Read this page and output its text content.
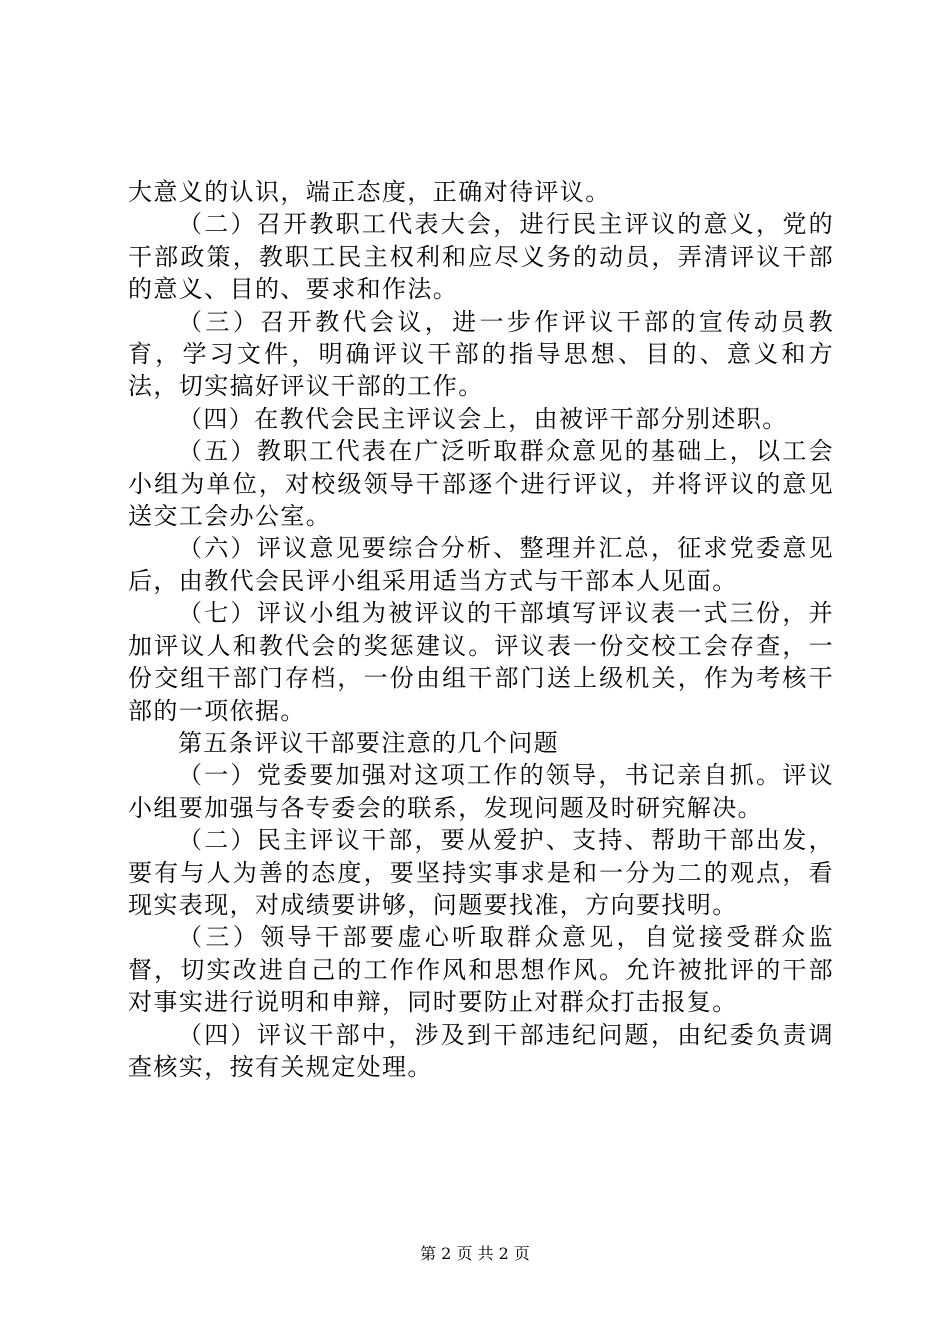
大意义的认识，端正态度，正确对待评议。

（二）召开教职工代表大会，进行民主评议的意义，党的干部政策，教职工民主权利和应尽义务的动员，弄清评议干部的意义、目的、要求和作法。

（三）召开教代会议，进一步作评议干部的宣传动员教育，学习文件，明确评议干部的指导思想、目的、意义和方法，切实搞好评议干部的工作。

（四）在教代会民主评议会上，由被评干部分别述职。

（五）教职工代表在广泛听取群众意见的基础上，以工会小组为单位，对校级领导干部逐个进行评议，并将评议的意见送交工会办公室。

（六）评议意见要综合分析、整理并汇总，征求党委意见后，由教代会民评小组采用适当方式与干部本人见面。

（七）评议小组为被评议的干部填写评议表一式三份，并加评议人和教代会的奖惩建议。评议表一份交校工会存查，一份交组干部门存档，一份由组干部门送上级机关，作为考核干部的一项依据。

第五条评议干部要注意的几个问题

（一）党委要加强对这项工作的领导，书记亲自抓。评议小组要加强与各专委会的联系，发现问题及时研究解决。

（二）民主评议干部，要从爱护、支持、帮助干部出发，要有与人为善的态度，要坚持实事求是和一分为二的观点，看现实表现，对成绩要讲够，问题要找准，方向要找明。

（三）领导干部要虚心听取群众意见，自觉接受群众监督，切实改进自己的工作作风和思想作风。允许被批评的干部对事实进行说明和申辩，同时要防止对群众打击报复。

（四）评议干部中，涉及到干部违纪问题，由纪委负责调查核实，按有关规定处理。

第 2 页 共 2 页
